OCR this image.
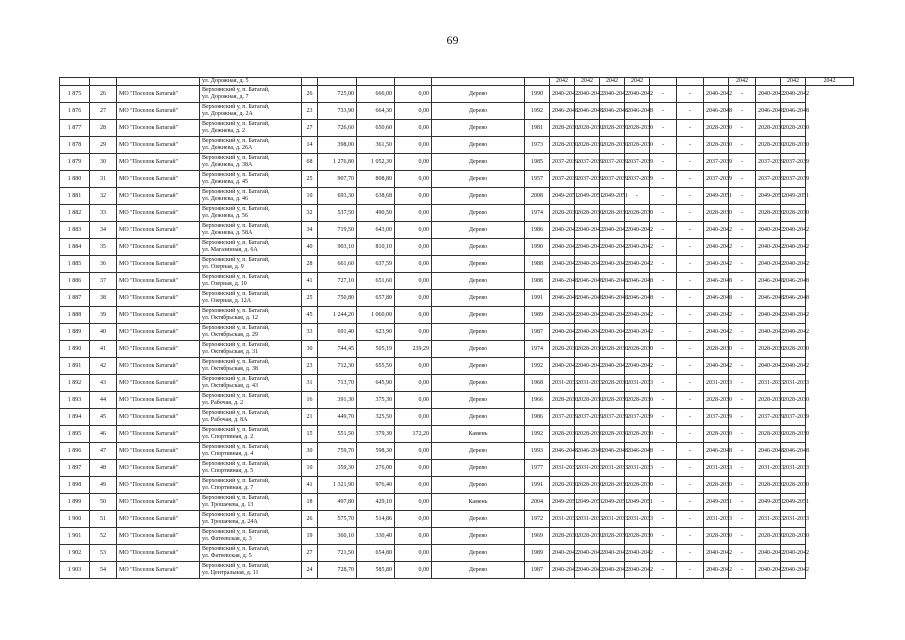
69
			ул. Дорожная, д. 5							2042	2042	2042	2042				2042		2042	2042
1 875	26	МО "Поселок Батагай"	Верхоянский у, п. Батагай,
ул. Дорожная, д. 7	26	725,00	666,00	0,00	Дерево	1990	2040-2042	2040-2042	2040-2042	2040-2042	-	-	2040-2042	-	2040-2042	2040-2042	
1 876	27	МО "Поселок Батагай"	Верхоянский у, п. Батагай,
ул. Дорожная, д. 2А	23	733,90	664,30	0,00	Дерево	1992	2046-2048	2046-2048	2046-2048	2046-2048	-	-	2046-2048	-	2046-2048	2046-2048	
1 877	28	МО "Поселок Батагай"	Верхоянский у, п. Батагай,
ул. Дежнева, д. 2	27	726,60	650,60	0,00	Дерево	1981	2028-2030	2028-2030	2028-2030	2028-2030	-	-	2028-2030	-	2028-2030	2028-2030	
1 878	29	МО "Поселок Батагай"	Верхоянский у, п. Батагай,
ул. Дежнева, д. 26А	14	398,00	361,50	0,00	Дерево	1973	2028-2030	2028-2030	2028-2030	2028-2030	-	-	2028-2030	-	2028-2030	2028-2030	
1 879	30	МО "Поселок Батагай"	Верхоянский у, п. Батагай,
ул. Дежнева, д. 38А	68	1 276,80	1 052,30	0,00	Дерево	1985	2037-2039	2037-2039	2037-2039	2037-2039	-	-	2037-2039	-	2037-2039	2037-2039	
1 880	31	МО "Поселок Батагай"	Верхоянский у, п. Батагай,
ул. Дежнева, д. 45	25	907,70	808,80	0,00	Дерево	1957	2037-2039	2037-2039	2037-2039	2037-2039	-	-	2037-2039	-	2037-2039	2037-2039	
1 881	32	МО "Поселок Батагай"	Верхоянский у, п. Батагай,
ул. Дежнева, д. 46	10	693,30	638,68	0,00	Дерево	2008	2049-2051	2049-2051	2049-2051	-	-	-	2049-2051	-	2049-2051	2049-2051	
1 882	33	МО "Поселок Батагай"	Верхоянский у, п. Батагай,
ул. Дежнева, д. 56	32	537,50	490,50	0,00	Дерево	1974	2028-2030	2028-2030	2028-2030	2028-2030	-	-	2028-2030	-	2028-2030	2028-2030	
1 883	34	МО "Поселок Батагай"	Верхоянский у, п. Батагай,
ул. Дежнева, д. 58А	34	719,50	643,00	0,00	Дерево	1986	2040-2042	2040-2042	2040-2042	2040-2042	-	-	2040-2042	-	2040-2042	2040-2042	
1 884	35	МО "Поселок Батагай"	Верхоянский у, п. Батагай,
ул. Магазинная, д. 6А	40	903,10	810,10	0,00	Дерево	1990	2040-2042	2040-2042	2040-2042	2040-2042	-	-	2040-2042	-	2040-2042	2040-2042	
1 885	36	МО "Поселок Батагай"	Верхоянский у, п. Батагай,
ул. Озерная, д. 9	28	661,60	637,59	0,00	Дерево	1988	2040-2042	2040-2042	2040-2042	2040-2042	-	-	2040-2042	-	2040-2042	2040-2042	
1 886	37	МО "Поселок Батагай"	Верхоянский у, п. Батагай,
ул. Озерная, д. 10	41	727,10	651,60	0,00	Дерево	1988	2046-2048	2046-2048	2046-2048	2046-2048	-	-	2046-2048	-	2046-2048	2046-2048	
1 887	38	МО "Поселок Батагай"	Верхоянский у, п. Батагай,
ул. Озерная, д. 12А	25	750,80	657,80	0,00	Дерево	1991	2046-2048	2046-2048	2046-2048	2046-2048	-	-	2046-2048	-	2046-2048	2046-2048	
1 888	39	МО "Поселок Батагай"	Верхоянский у, п. Батагай,
ул. Октябрьская, д. 12	45	1 244,20	1 060,00	0,00	Дерево	1989	2040-2042	2040-2042	2040-2042	2040-2042	-	-	2040-2042	-	2040-2042	2040-2042	
1 889	40	МО "Поселок Батагай"	Верхоянский у, п. Батагай,
ул. Октябрьская, д. 29	33	691,40	623,90	0,00	Дерево	1987	2040-2042	2040-2042	2040-2042	2040-2042	-	-	2040-2042	-	2040-2042	2040-2042	
1 890	41	МО "Поселок Батагай"	Верхоянский у, п. Батагай,
ул. Октябрьская, д. 31	30	744,45	505,19	239,29	Дерево	1974	2028-2030	2028-2030	2028-2030	2028-2030	-	-	2028-2030	-	2028-2030	2028-2030	
1 891	42	МО "Поселок Батагай"	Верхоянский у, п. Батагай,
ул. Октябрьская, д. 38	23	712,30	655,50	0,00	Дерево	1992	2040-2042	2040-2042	2040-2042	2040-2042	-	-	2040-2042	-	2040-2042	2040-2042	
1 892	43	МО "Поселок Батагай"	Верхоянский у, п. Батагай,
ул. Октябрьская, д. 43	31	713,70	645,90	0,00	Дерево	1968	2031-2033	2031-2033	2028-2030	2031-2033	-	-	2031-2033	-	2031-2033	2031-2033	
1 893	44	МО "Поселок Батагай"	Верхоянский у, п. Батагай,
ул. Рабочая, д. 2	16	391,30	375,30	0,00	Дерево	1966	2028-2030	2028-2030	2028-2030	2028-2030	-	-	2028-2030	-	2028-2030	2028-2030	
1 894	45	МО "Поселок Батагай"	Верхоянский у, п. Батагай,
ул. Рабочая, д. 8А	21	449,70	325,50	0,00	Дерево	1986	2037-2039	2037-2039	2037-2039	2037-2039	-	-	2037-2039	-	2037-2039	2037-2039	
1 895	46	МО "Поселок Батагай"	Верхоянский у, п. Батагай,
ул. Спортивная, д. 2	15	551,50	379,30	172,20	Камень	1992	2028-2030	2028-2030	2028-2030	2028-2030	-	-	2028-2030	-	2028-2030	2028-2030	
1 896	47	МО "Поселок Батагай"	Верхоянский у, п. Батагай,
ул. Спортивная, д. 4	30	759,70	598,30	0,00	Дерево	1993	2046-2048	2046-2048	2046-2048	2046-2048	-	-	2046-2048	-	2046-2048	2046-2048	
1 897	48	МО "Поселок Батагай"	Верхоянский у, п. Батагай,
ул. Спортивная, д. 5	10	359,30	276,00	0,00	Дерево	1977	2031-2033	2031-2033	2031-2033	2031-2033	-	-	2031-2033	-	2031-2033	2031-2033	
1 898	49	МО "Поселок Батагай"	Верхоянский у, п. Батагай,
ул. Спортивная, д. 7	41	1 321,90	976,40	0,00	Дерево	1991	2028-2030	2028-2030	2028-2030	2028-2030	-	-	2028-2030	-	2028-2030	2028-2030	
1 899	50	МО "Поселок Батагай"	Верхоянский у, п. Батагай,
ул. Трошачева, д. 13	18	497,80	429,10	0,00	Камень	2004	2049-2051	2049-2051	2049-2051	2049-2051	-	-	2049-2051	-	2049-2051	2049-2051	
1 900	51	МО "Поселок Батагай"	Верхоянский у, п. Батагай,
ул. Трошачева, д. 24А	26	575,70	514,86	0,00	Дерево	1972	2031-2033	2031-2033	2031-2033	2031-2033	-	-	2031-2033	-	2031-2033	2031-2033	
1 901	52	МО "Поселок Батагай"	Верхоянский у, п. Батагай,
ул. Фатеевская, д. 3	19	360,10	330,40	0,00	Дерево	1969	2028-2030	2028-2030	2028-2030	2028-2030	-	-	2028-2030	-	2028-2030	2028-2030	
1 902	53	МО "Поселок Батагай"	Верхоянский у, п. Батагай,
ул. Фатеевская, д. 5	27	721,50	654,80	0,00	Дерево	1989	2040-2042	2040-2042	2040-2042	2040-2042	-	-	2040-2042	-	2040-2042	2040-2042	
1 903	54	МО "Поселок Батагай"	Верхоянский у, п. Батагай,
ул. Центральная, д. 11	24	728,70	585,80	0,00	Дерево	1987	2040-2042	2040-2042	2040-2042	2040-2042	-	-	2040-2042	-	2040-2042	2040-2042	
